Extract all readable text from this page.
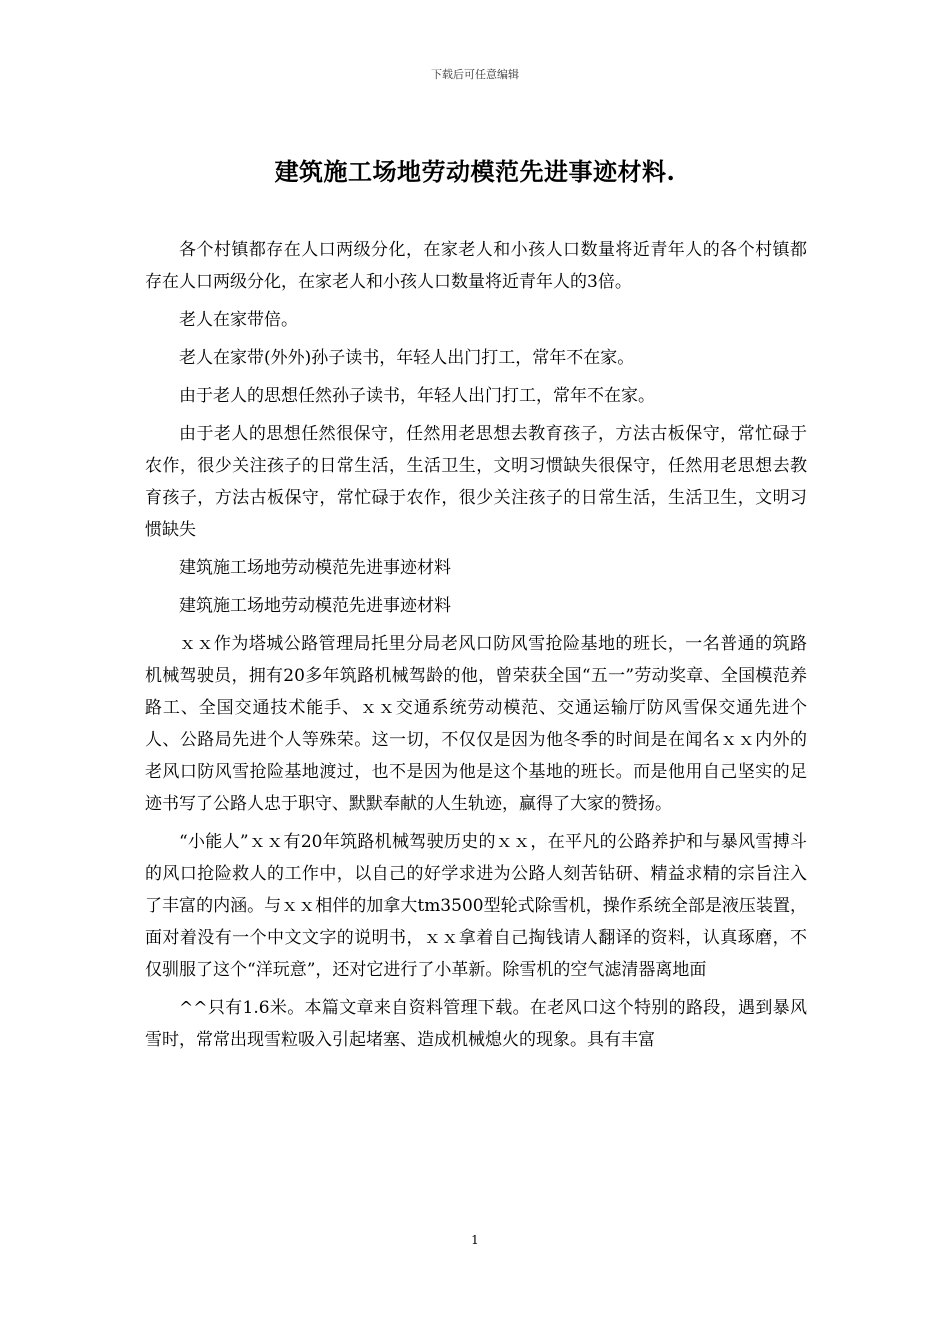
下载后可任意编辑
建筑施工场地劳动模范先进事迹材料.

各个村镇都存在人口两级分化，在家老人和小孩人口数量将近青年人的各个村镇都存在人口两级分化，在家老人和小孩人口数量将近青年人的3倍。

老人在家带倍。

老人在家带(外外)孙子读书，年轻人出门打工，常年不在家。

由于老人的思想任然孙子读书，年轻人出门打工，常年不在家。

由于老人的思想任然很保守，任然用老思想去教育孩子，方法古板保守，常忙碌于农作，很少关注孩子的日常生活，生活卫生，文明习惯缺失很保守，任然用老思想去教育孩子，方法古板保守，常忙碌于农作，很少关注孩子的日常生活，生活卫生，文明习惯缺失

建筑施工场地劳动模范先进事迹材料

建筑施工场地劳动模范先进事迹材料

ｘｘ作为塔城公路管理局托里分局老风口防风雪抢险基地的班长，一名普通的筑路机械驾驶员，拥有20多年筑路机械驾龄的他，曾荣获全国“五一”劳动奖章、全国模范养路工、全国交通技术能手、ｘｘ交通系统劳动模范、交通运输厅防风雪保交通先进个人、公路局先进个人等殊荣。这一切，不仅仅是因为他冬季的时间是在闻名ｘｘ内外的老风口防风雪抢险基地渡过，也不是因为他是这个基地的班长。而是他用自己坚实的足迹书写了公路人忠于职守、默默奉献的人生轨迹，赢得了大家的赞扬。

“小能人”ｘｘ有20年筑路机械驾驶历史的ｘｘ，在平凡的公路养护和与暴风雪搏斗的风口抢险救人的工作中，以自己的好学求进为公路人刻苦钻研、精益求精的宗旨注入了丰富的内涵。与ｘｘ相伴的加拿大tm3500型轮式除雪机，操作系统全部是液压装置，面对着没有一个中文文字的说明书，ｘｘ拿着自己掏钱请人翻译的资料，认真琢磨，不仅驯服了这个“洋玩意”，还对它进行了小革新。除雪机的空气滤清器离地面

^^只有1.6米。本篇文章来自资料管理下载。在老风口这个特别的路段，遇到暴风雪时，常常出现雪粒吸入引起堵塞、造成机械熄火的现象。具有丰富

1
